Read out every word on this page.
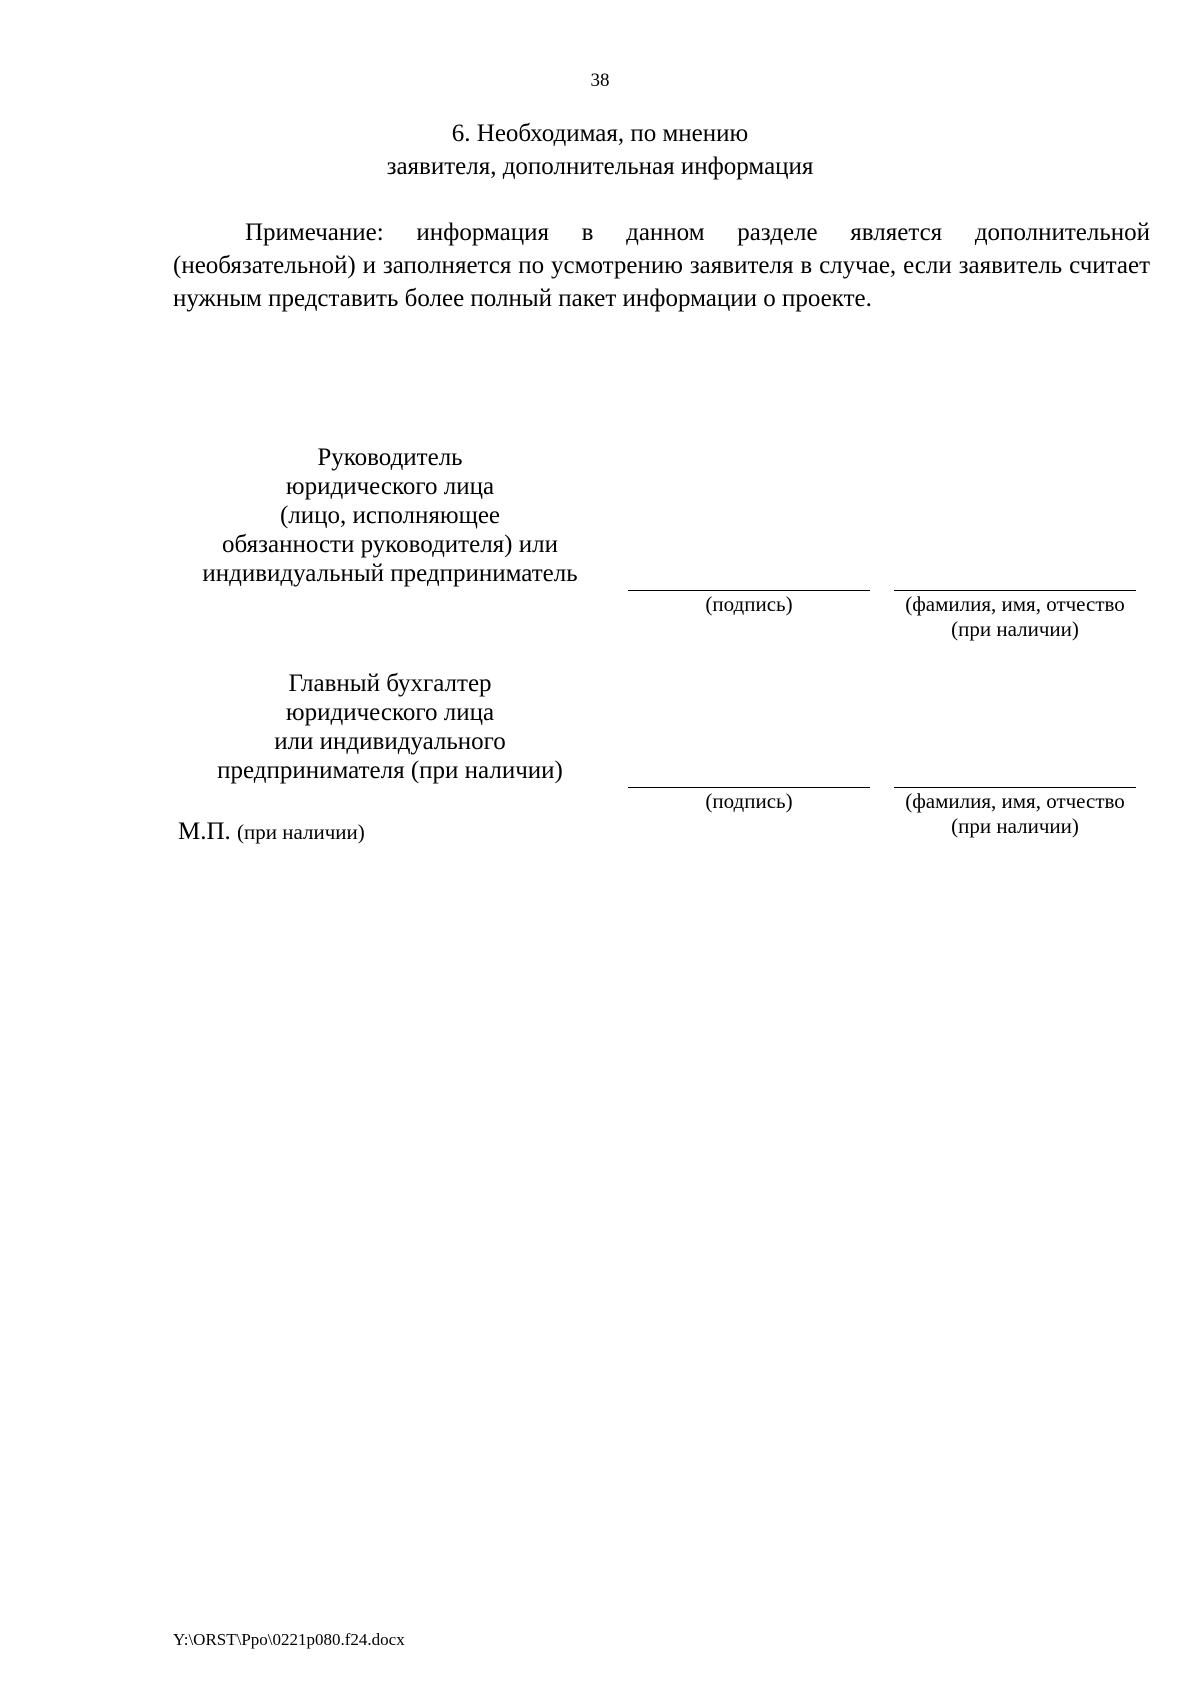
38
6. Необходимая, по мнению
заявителя, дополнительная информация

Примечание: информация в данном разделе является дополнительной (необязательной) и заполняется по усмотрению заявителя в случае, если заявитель считает нужным представить более полный пакет информации о проекте.

Руководитель
юридического лица
(лицо, исполняющее
обязанности руководителя) или
индивидуальный предприниматель
(подпись)	(фамилия, имя, отчество
(при наличии)
Главный бухгалтер
юридического лица
или индивидуального
предпринимателя (при наличии)
(подпись)	(фамилия, имя, отчество
(при наличии)
М.П. (при наличии)
Y:\ORST\Ppo\0221p080.f24.docx
